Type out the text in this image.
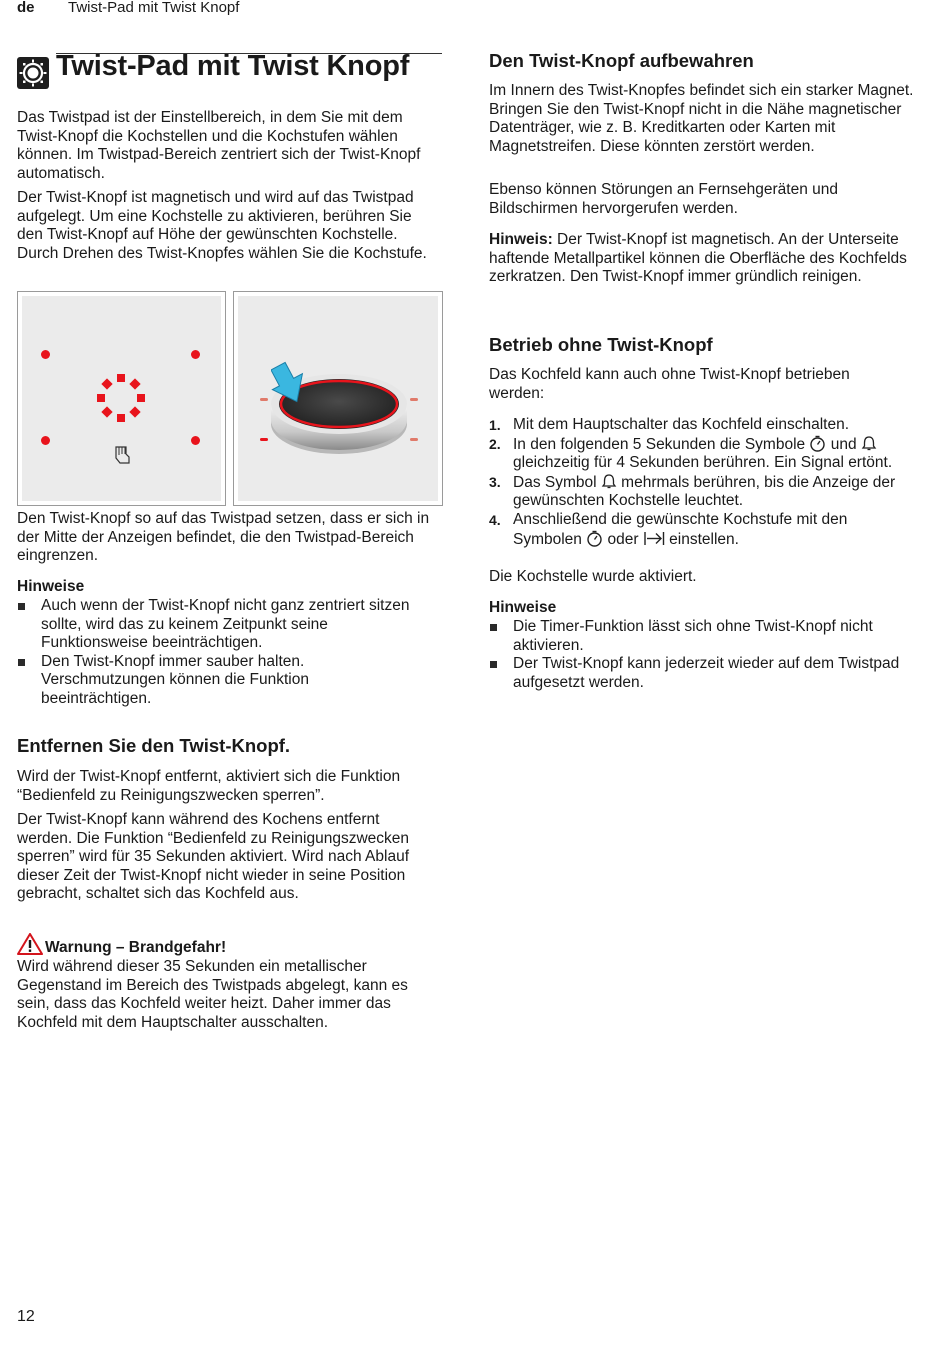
de Twist-Pad mit Twist Knopf
Twist-Pad mit Twist Knopf

Das Twistpad ist der Einstellbereich, in dem Sie mit dem Twist-Knopf die Kochstellen und die Kochstufen wählen können. Im Twistpad-Bereich zentriert sich der Twist-Knopf automatisch.

Der Twist-Knopf ist magnetisch und wird auf das Twistpad aufgelegt. Um eine Kochstelle zu aktivieren, berühren Sie den Twist-Knopf auf Höhe der gewünschten Kochstelle. Durch Drehen des Twist-Knopfes wählen Sie die Kochstufe.

Den Twist-Knopf so auf das Twistpad setzen, dass er sich in der Mitte der Anzeigen befindet, die den Twistpad-Bereich eingrenzen.

Hinweise

Auch wenn der Twist-Knopf nicht ganz zentriert sitzen sollte, wird das zu keinem Zeitpunkt seine Funktionsweise beeinträchtigen.

Den Twist-Knopf immer sauber halten. Verschmutzungen können die Funktion beeinträchtigen.

Entfernen Sie den Twist-Knopf.

Wird der Twist-Knopf entfernt, aktiviert sich die Funktion “Bedienfeld zu Reinigungszwecken sperren”.

Der Twist-Knopf kann während des Kochens entfernt werden. Die Funktion “Bedienfeld zu Reinigungszwecken sperren” wird für 35 Sekunden aktiviert. Wird nach Ablauf dieser Zeit der Twist-Knopf nicht wieder in seine Position gebracht, schaltet sich das Kochfeld aus.

Warnung – Brandgefahr!

Wird während dieser 35 Sekunden ein metallischer Gegenstand im Bereich des Twistpads abgelegt, kann es sein, dass das Kochfeld weiter heizt. Daher immer das Kochfeld mit dem Hauptschalter ausschalten.

Den Twist-Knopf aufbewahren

Im Innern des Twist-Knopfes befindet sich ein starker Magnet. Bringen Sie den Twist-Knopf nicht in die Nähe magnetischer Datenträger, wie z. B. Kreditkarten oder Karten mit Magnetstreifen. Diese könnten zerstört werden.

Ebenso können Störungen an Fernsehgeräten und Bildschirmen hervorgerufen werden.

Hinweis: Der Twist-Knopf ist magnetisch. An der Unterseite haftende Metallpartikel können die Oberfläche des Kochfelds zerkratzen. Den Twist-Knopf immer gründlich reinigen.

Betrieb ohne Twist-Knopf

Das Kochfeld kann auch ohne Twist-Knopf betrieben werden:

1. Mit dem Hauptschalter das Kochfeld einschalten.

2. In den folgenden 5 Sekunden die Symbole  und  gleichzeitig für 4 Sekunden berühren. Ein Signal ertönt.

3. Das Symbol  mehrmals berühren, bis die Anzeige der gewünschten Kochstelle leuchtet.

4. Anschließend die gewünschte Kochstufe mit den Symbolen  oder  einstellen.

Die Kochstelle wurde aktiviert.

Hinweise

Die Timer-Funktion lässt sich ohne Twist-Knopf nicht aktivieren.

Der Twist-Knopf kann jederzeit wieder auf dem Twistpad aufgesetzt werden.

12
